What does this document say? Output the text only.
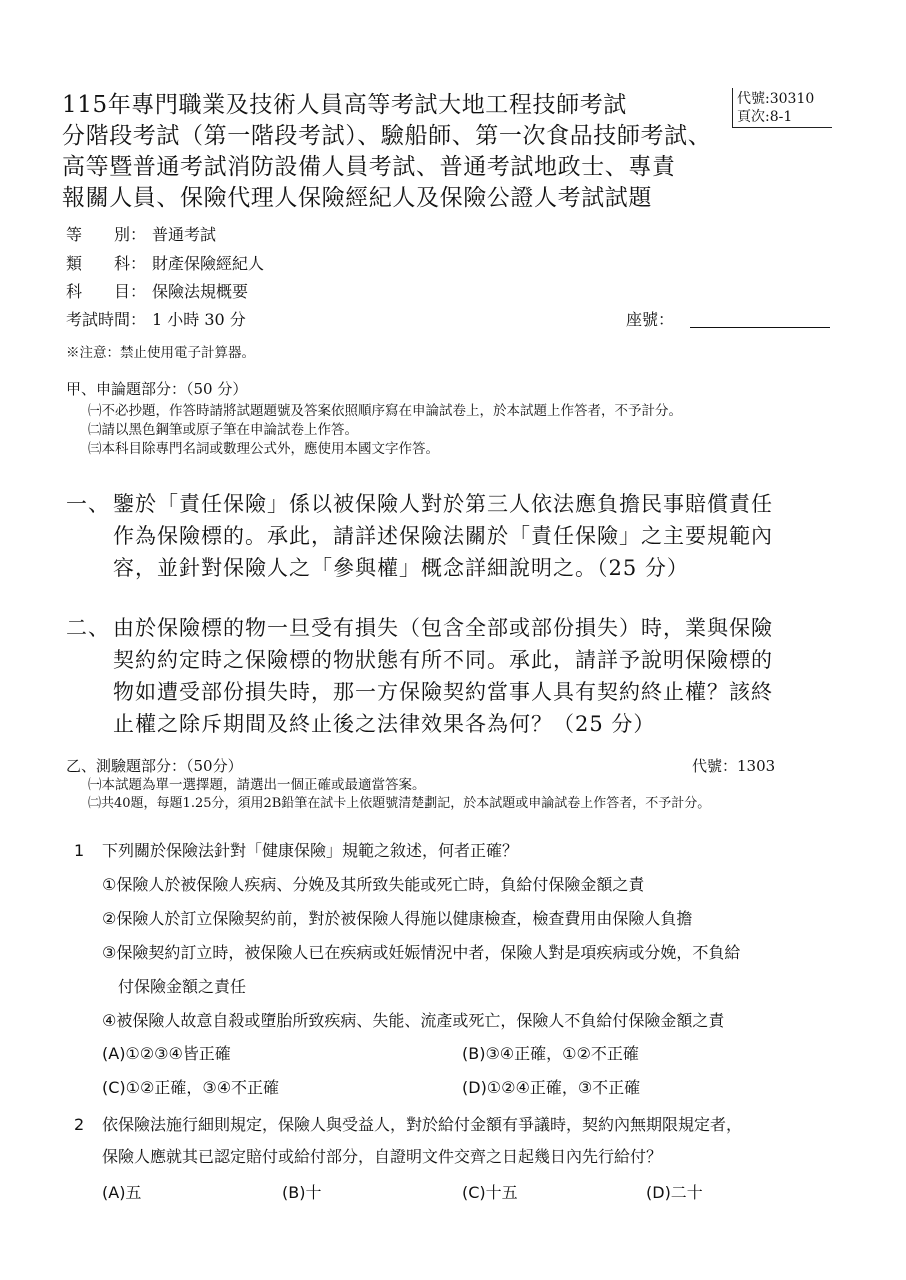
115年專門職業及技術人員高等考試大地工程技師考試
分階段考試（第一階段考試）、驗船師、第一次食品技師考試、
高等暨普通考試消防設備人員考試、普通考試地政士、專責
報關人員、保險代理人保險經紀人及保險公證人考試試題
代號:30310
頁次:8-1
等　　別： 普通考試
類　　科： 財產保險經紀人
科　　目： 保險法規概要
考試時間： 1 小時 30 分	座號：
※注意：禁止使用電子計算器。
甲、申論題部分：（50 分）
㈠不必抄題，作答時請將試題題號及答案依照順序寫在申論試卷上，於本試題上作答者，不予計分。
㈡請以黑色鋼筆或原子筆在申論試卷上作答。
㈢本科目除專門名詞或數理公式外，應使用本國文字作答。
一、 鑒於「責任保險」係以被保險人對於第三人依法應負擔民事賠償責任
作為保險標的。承此，請詳述保險法關於「責任保險」之主要規範內
容，並針對保險人之「參與權」概念詳細說明之。（25 分）
二、 由於保險標的物一旦受有損失（包含全部或部份損失）時，業與保險
契約約定時之保險標的物狀態有所不同。承此，請詳予說明保險標的
物如遭受部份損失時，那一方保險契約當事人具有契約終止權？該終
止權之除斥期間及終止後之法律效果各為何？（25 分）
乙、測驗題部分：（50分）	代號：1303
㈠本試題為單一選擇題，請選出一個正確或最適當答案。
㈡共40題，每題1.25分，須用2B鉛筆在試卡上依題號清楚劃記，於本試題或申論試卷上作答者，不予計分。
1 下列關於保險法針對「健康保險」規範之敘述，何者正確？
①保險人於被保險人疾病、分娩及其所致失能或死亡時，負給付保險金額之責
②保險人於訂立保險契約前，對於被保險人得施以健康檢查，檢查費用由保險人負擔
③保險契約訂立時，被保險人已在疾病或妊娠情況中者，保險人對是項疾病或分娩，不負給
付保險金額之責任
④被保險人故意自殺或墮胎所致疾病、失能、流產或死亡，保險人不負給付保險金額之責
(A)①②③④皆正確	(B)③④正確，①②不正確
(C)①②正確，③④不正確	(D)①②④正確，③不正確
2 依保險法施行細則規定，保險人與受益人，對於給付金額有爭議時，契約內無期限規定者，
保險人應就其已認定賠付或給付部分，自證明文件交齊之日起幾日內先行給付？
(A)五	(B)十	(C)十五	(D)二十
